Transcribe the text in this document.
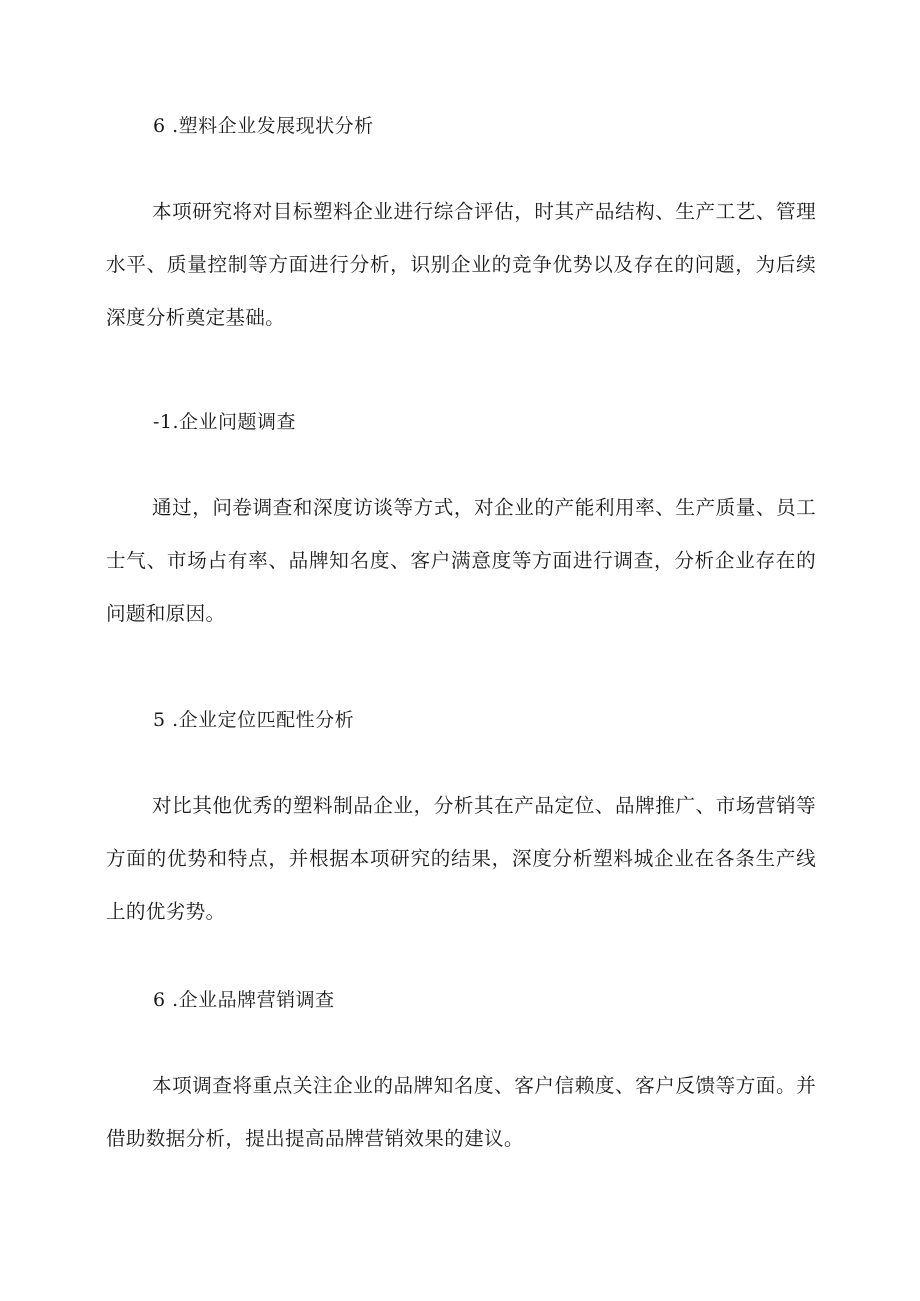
6 .塑料企业发展现状分析
本项研究将对目标塑料企业进行综合评估，时其产品结构、生产工艺、管理水平、质量控制等方面进行分析，识别企业的竞争优势以及存在的问题，为后续深度分析奠定基础。
-1.企业问题调查
通过，问卷调查和深度访谈等方式，对企业的产能利用率、生产质量、员工士气、市场占有率、品牌知名度、客户满意度等方面进行调查，分析企业存在的问题和原因。
5 .企业定位匹配性分析
对比其他优秀的塑料制品企业，分析其在产品定位、品牌推广、市场营销等方面的优势和特点，并根据本项研究的结果，深度分析塑料城企业在各条生产线上的优劣势。
6 .企业品牌营销调查
本项调查将重点关注企业的品牌知名度、客户信赖度、客户反馈等方面。并借助数据分析，提出提高品牌营销效果的建议。
